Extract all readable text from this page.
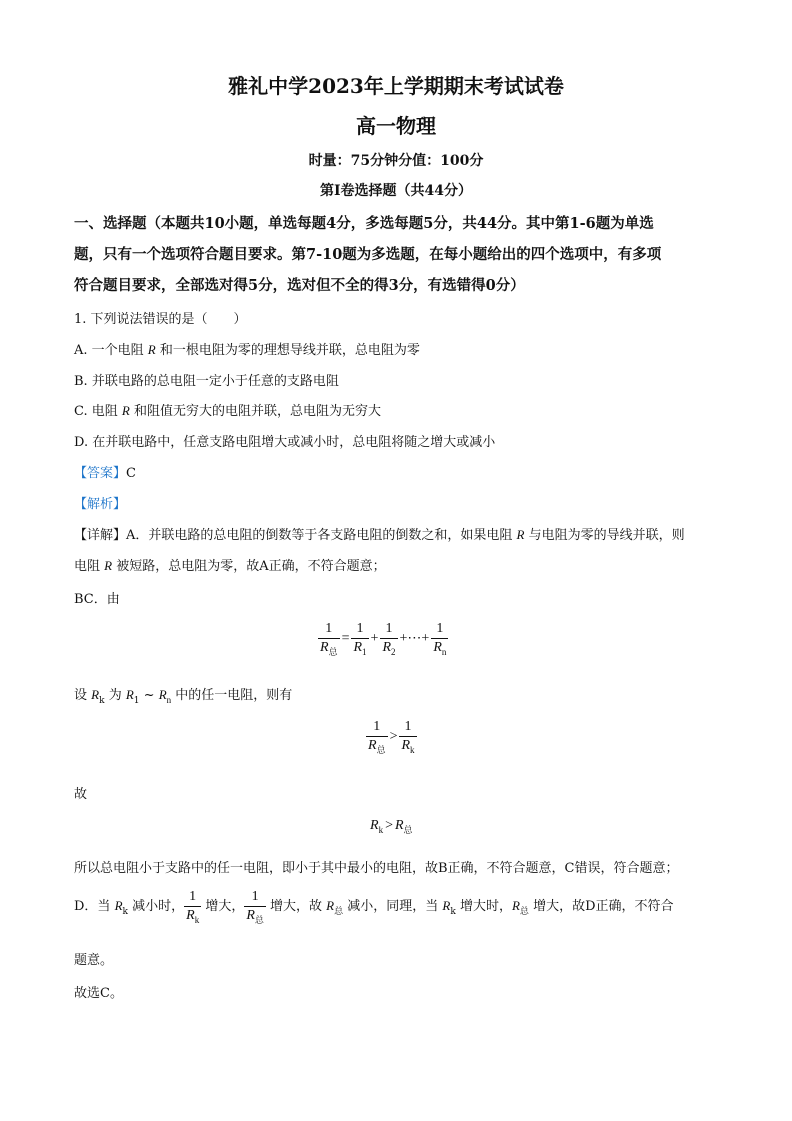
雅礼中学2023年上学期期末考试试卷
高一物理
时量：75分钟分值：100分
第Ⅰ卷选择题（共44分）
一、选择题（本题共10小题，单选每题4分，多选每题5分，共44分。其中第1-6题为单选
题，只有一个选项符合题目要求。第7-10题为多选题，在每小题给出的四个选项中，有多项
符合题目要求，全部选对得5分，选对但不全的得3分，有选错得0分）
1. 下列说法错误的是（　　）
A. 一个电阻 R 和一根电阻为零的理想导线并联，总电阻为零
B. 并联电路的总电阻一定小于任意的支路电阻
C. 电阻 R 和阻值无穷大的电阻并联，总电阻为无穷大
D. 在并联电路中，任意支路电阻增大或减小时，总电阻将随之增大或减小
【答案】C
【解析】
【详解】A．并联电路的总电阻的倒数等于各支路电阻的倒数之和，如果电阻 R 与电阻为零的导线并联，则
电阻 R 被短路，总电阻为零，故A正确，不符合题意；
BC．由
$\frac{1}{R_总} = \frac{1}{R_1} + \frac{1}{R_2}$ +⋯+ $\frac{1}{R_n}$
设 $R_k$ 为 $R_1$ ~ $R_n$ 中的任一电阻，则有
$\frac{1}{R_总} > \frac{1}{R_k}$
故
$R_k > R_总$
所以总电阻小于支路中的任一电阻，即小于其中最小的电阻，故B正确，不符合题意，C错误，符合题意；
D．当 $R_k$ 减小时， $\frac{1}{R_k}$ 增大， $\frac{1}{R_总}$ 增大，故 $R_总$ 减小，同理，当 $R_k$ 增大时，$R_总$ 增大，故D正确，不符合
题意。
故选C。
